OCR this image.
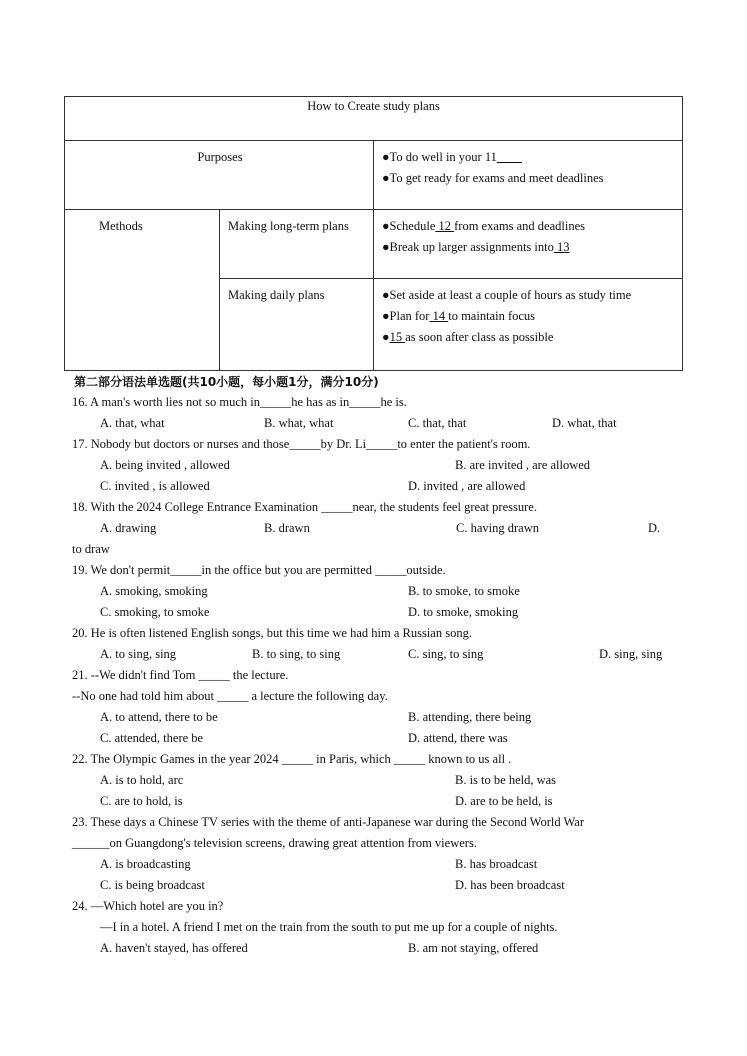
How to Create study plans		
Purposes		●To do well in your 11____
●To get ready for exams and meet deadlines

Methods	Making long-term plans	●Schedule 12 from exams and deadlines
●Break up larger assignments into 13

	Making daily plans	●Set aside at least a couple of hours as study time
●Plan for 14 to maintain focus
●15 as soon after class as possible
第二部分语法单选题(共10小题，每小题1分，满分10分)
16. A man's worth lies not so much in_____he has as in_____he is.
A. that, what	B. what, what	C. that, that	D. what, that
17. Nobody but doctors or nurses and those_____by Dr. Li_____to enter the patient's room.
A. being invited , allowed	B. are invited , are allowed
C. invited , is allowed	D. invited , are allowed
18. With the 2024 College Entrance Examination _____near, the students feel great pressure.
A. drawing	B. drawn	C. having drawn	D.
to draw
19. We don't permit_____in the office but you are permitted _____outside.
A. smoking, smoking	B. to smoke, to smoke
C. smoking, to smoke	D. to smoke, smoking
20. He is often listened English songs, but this time we had him a Russian song.
A. to sing, sing	B. to sing, to sing	C. sing, to sing	D. sing, sing
21. --We didn't find Tom _____ the lecture.
--No one had told him about _____ a lecture the following day.
A. to attend, there to be	B. attending, there being
C. attended, there be	D. attend, there was
22. The Olympic Games in the year 2024 _____ in Paris, which _____ known to us all .
A. is to hold, arc	B. is to be held, was
C. are to hold, is	D. are to be held, is
23. These days a Chinese TV series with the theme of anti-Japanese war during the Second World War
______on Guangdong's television screens, drawing great attention from viewers.
A. is broadcasting	B. has broadcast
C. is being broadcast	D. has been broadcast
24. —Which hotel are you in?
—I in a hotel. A friend I met on the train from the south to put me up for a couple of nights.
A. haven't stayed, has offered	B. am not staying, offered
